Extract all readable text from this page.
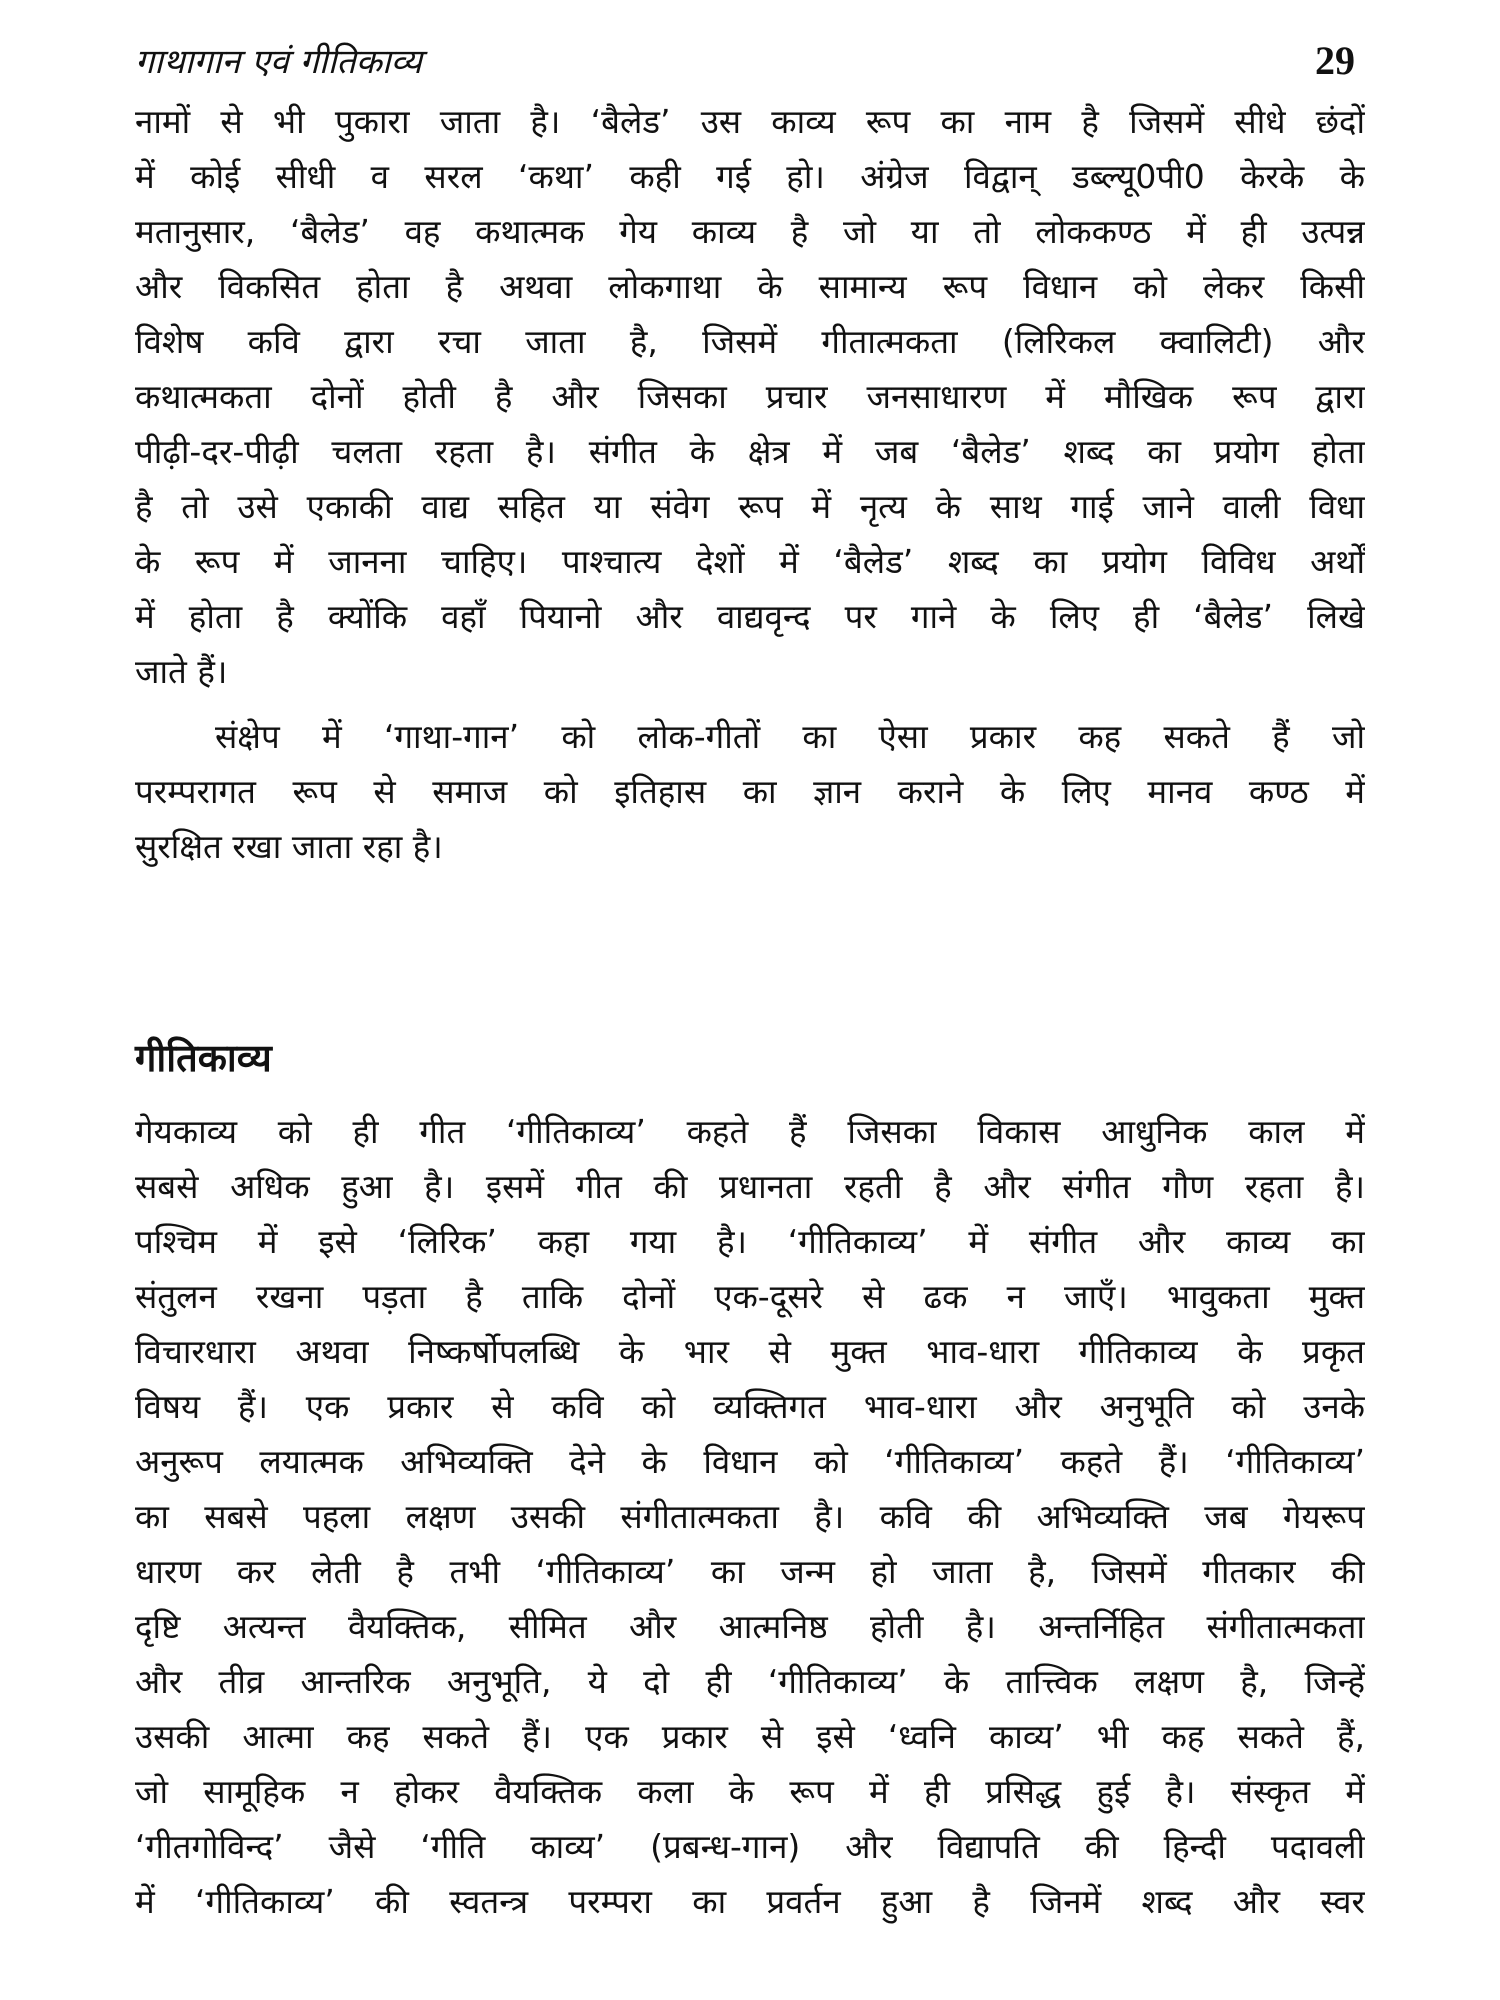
गाथागान एवं गीतिकाव्य	29
नामों से भी पुकारा जाता है। ‘बैलेड’ उस काव्य रूप का नाम है जिसमें सीधे छंदों
में कोई सीधी व सरल ‘कथा’ कही गई हो। अंग्रेज विद्वान् डब्ल्यू0पी0 केरके के
मतानुसार, ‘बैलेड’ वह कथात्मक गेय काव्य है जो या तो लोककण्ठ में ही उत्पन्न
और विकसित होता है अथवा लोकगाथा के सामान्य रूप विधान को लेकर किसी
विशेष कवि द्वारा रचा जाता है, जिसमें गीतात्मकता (लिरिकल क्वालिटी) और
कथात्मकता दोनों होती है और जिसका प्रचार जनसाधारण में मौखिक रूप द्वारा
पीढ़ी-दर-पीढ़ी चलता रहता है। संगीत के क्षेत्र में जब ‘बैलेड’ शब्द का प्रयोग होता
है तो उसे एकाकी वाद्य सहित या संवेग रूप में नृत्य के साथ गाई जाने वाली विधा
के रूप में जानना चाहिए। पाश्चात्य देशों में ‘बैलेड’ शब्द का प्रयोग विविध अर्थों
में होता है क्योंकि वहाँ पियानो और वाद्यवृन्द पर गाने के लिए ही ‘बैलेड’ लिखे
जाते हैं।
संक्षेप में ‘गाथा-गान’ को लोक-गीतों का ऐसा प्रकार कह सकते हैं जो
परम्परागत रूप से समाज को इतिहास का ज्ञान कराने के लिए मानव कण्ठ में
सुरक्षित रखा जाता रहा है।
गीतिकाव्य
गेयकाव्य को ही गीत ‘गीतिकाव्य’ कहते हैं जिसका विकास आधुनिक काल में
सबसे अधिक हुआ है। इसमें गीत की प्रधानता रहती है और संगीत गौण रहता है।
पश्चिम में इसे ‘लिरिक’ कहा गया है। ‘गीतिकाव्य’ में संगीत और काव्य का
संतुलन रखना पड़ता है ताकि दोनों एक-दूसरे से ढक न जाएँ। भावुकता मुक्त
विचारधारा अथवा निष्कर्षोपलब्धि के भार से मुक्त भाव-धारा गीतिकाव्य के प्रकृत
विषय हैं। एक प्रकार से कवि को व्यक्तिगत भाव-धारा और अनुभूति को उनके
अनुरूप लयात्मक अभिव्यक्ति देने के विधान को ‘गीतिकाव्य’ कहते हैं। ‘गीतिकाव्य’
का सबसे पहला लक्षण उसकी संगीतात्मकता है। कवि की अभिव्यक्ति जब गेयरूप
धारण कर लेती है तभी ‘गीतिकाव्य’ का जन्म हो जाता है, जिसमें गीतकार की
दृष्टि अत्यन्त वैयक्तिक, सीमित और आत्मनिष्ठ होती है। अन्तर्निहित संगीतात्मकता
और तीव्र आन्तरिक अनुभूति, ये दो ही ‘गीतिकाव्य’ के तात्त्विक लक्षण है, जिन्हें
उसकी आत्मा कह सकते हैं। एक प्रकार से इसे ‘ध्वनि काव्य’ भी कह सकते हैं,
जो सामूहिक न होकर वैयक्तिक कला के रूप में ही प्रसिद्ध हुई है। संस्कृत में
‘गीतगोविन्द’ जैसे ‘गीति काव्य’ (प्रबन्ध-गान) और विद्यापति की हिन्दी पदावली
में ‘गीतिकाव्य’ की स्वतन्त्र परम्परा का प्रवर्तन हुआ है जिनमें शब्द और स्वर
